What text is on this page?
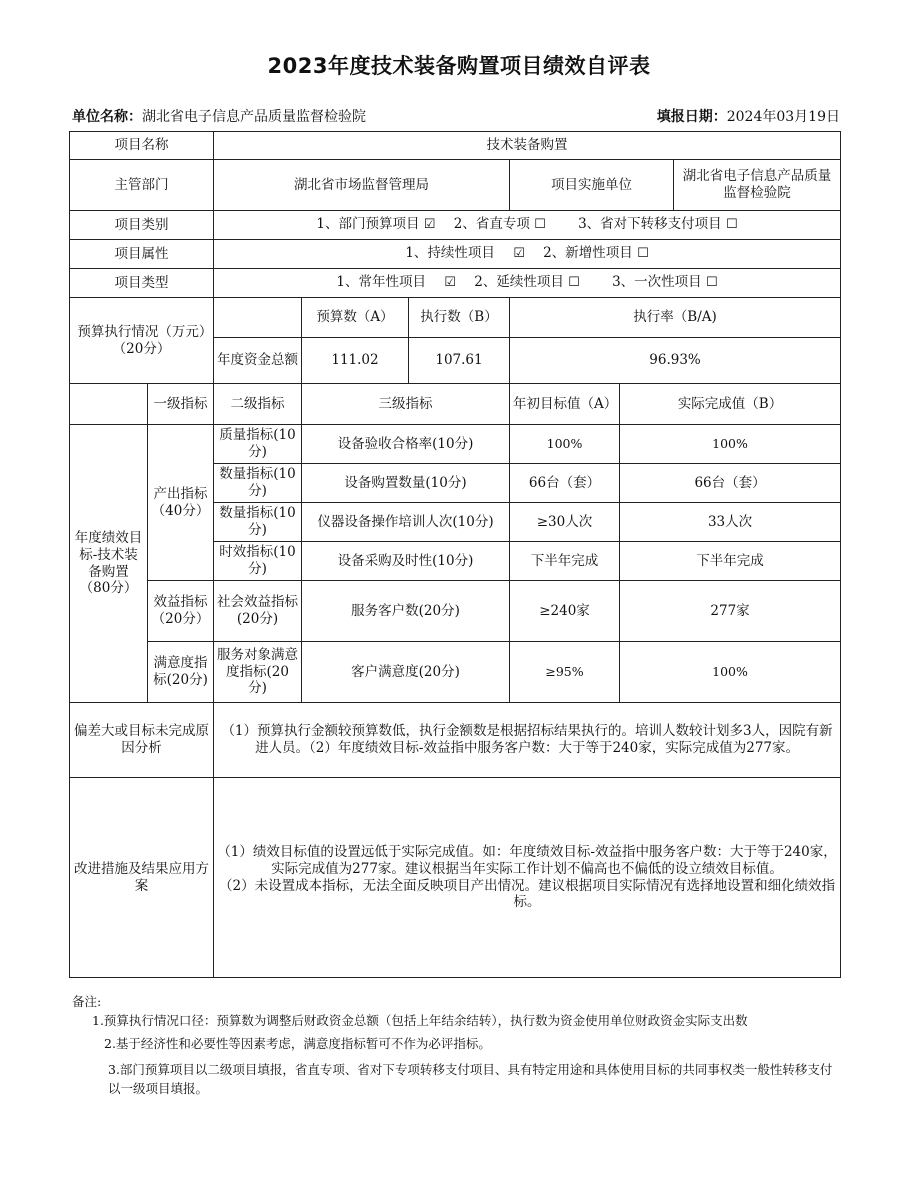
2023年度技术装备购置项目绩效自评表
单位名称：湖北省电子信息产品质量监督检验院	填报日期：2024年03月19日
项目名称		技术装备购置					
主管部门		湖北省市场监督管理局			项目实施单位		湖北省电子信息产品质量监督检验院
项目类别		1、部门预算项目 ☑ 2、省直专项 ☐ 3、省对下转移支付项目 ☐					
项目属性		1、持续性项目 ☑ 2、新增性项目 ☐					
项目类型		1、常年性项目 ☑ 2、延续性项目 ☐ 3、一次性项目 ☐					
预算执行情况（万元）　（20分）			预算数（A）	执行数（B）	执行率（B/A)		
		年度资金总额	111.02	107.61	96.93%		
	一级指标	二级指标	三级指标		年初目标值（A）	实际完成值（B）	
年度绩效目标-技术装备购置（80分）	产出指标（40分）	质量指标(10分)	设备验收合格率(10分)		100%	100%	
		数量指标(10分)	设备购置数量(10分)		66台（套）	66台（套）	
		数量指标(10分)	仪器设备操作培训人次(10分)		≥30人次	33人次	
		时效指标(10分)	设备采购及时性(10分)		下半年完成	下半年完成	
	效益指标（20分）	社会效益指标(20分)	服务客户数(20分)		≥240家	277家	
	满意度指标(20分)	服务对象满意度指标(20分)	客户满意度(20分)		≥95%	100%	
偏差大或目标未完成原因分析		（1）预算执行金额较预算数低，执行金额数是根据招标结果执行的。培训人数较计划多3人，因院有新进人员。（2）年度绩效目标-效益指中服务客户数：大于等于240家，实际完成值为277家。					
改进措施及结果应用方案		（1）绩效目标值的设置远低于实际完成值。如：年度绩效目标-效益指中服务客户数：大于等于240家，实际完成值为277家。建议根据当年实际工作计划不偏高也不偏低的设立绩效目标值。
（2）未设置成本指标，无法全面反映项目产出情况。建议根据项目实际情况有选择地设置和细化绩效指标。					
备注:
1.预算执行情况口径：预算数为调整后财政资金总额（包括上年结余结转），执行数为资金使用单位财政资金实际支出数
2.基于经济性和必要性等因素考虑，满意度指标暂可不作为必评指标。
3.部门预算项目以二级项目填报，省直专项、省对下专项转移支付项目、具有特定用途和具体使用目标的共同事权类一般性转移支付以一级项目填报。
